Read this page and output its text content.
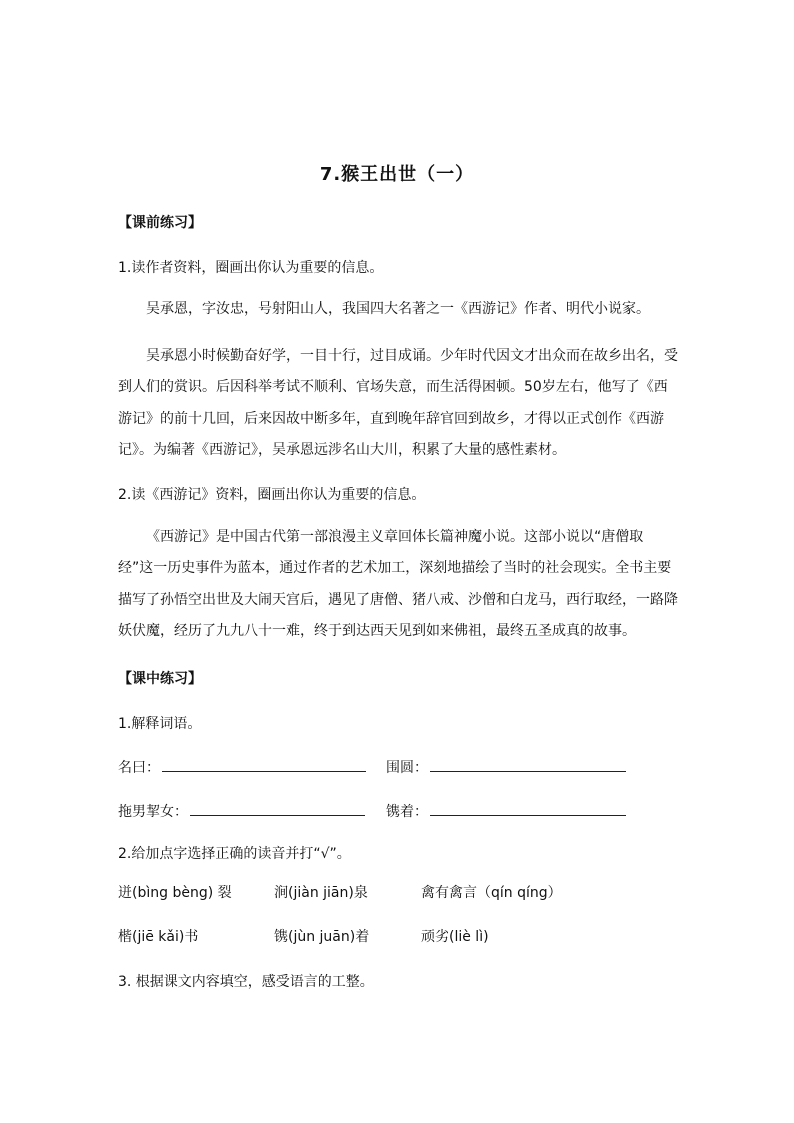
7.猴王出世（一）
【课前练习】
1.读作者资料，圈画出你认为重要的信息。
吴承恩，字汝忠，号射阳山人，我国四大名著之一《西游记》作者、明代小说家。
吴承恩小时候勤奋好学，一目十行，过目成诵。少年时代因文才出众而在故乡出名，受到人们的赏识。后因科举考试不顺利、官场失意，而生活得困顿。50岁左右，他写了《西游记》的前十几回，后来因故中断多年，直到晚年辞官回到故乡，才得以正式创作《西游记》。为编著《西游记》，吴承恩远涉名山大川，积累了大量的感性素材。
2.读《西游记》资料，圈画出你认为重要的信息。
《西游记》是中国古代第一部浪漫主义章回体长篇神魔小说。这部小说以“唐僧取经”这一历史事件为蓝本，通过作者的艺术加工，深刻地描绘了当时的社会现实。全书主要描写了孙悟空出世及大闹天宫后，遇见了唐僧、猪八戒、沙僧和白龙马，西行取经，一路降妖伏魔，经历了九九八十一难，终于到达西天见到如来佛祖，最终五圣成真的故事。
【课中练习】
1.解释词语。
名曰：	围圆：
拖男挈女：	镌着：
2.给加点字选择正确的读音并打“√”。
迸(bìng bèng) 裂	涧(jiàn jiān)泉	禽有禽言（qín qíng）
楷(jiē kǎi)书	镌(jùn juān)着	顽劣(liè lì)
3. 根据课文内容填空，感受语言的工整。
